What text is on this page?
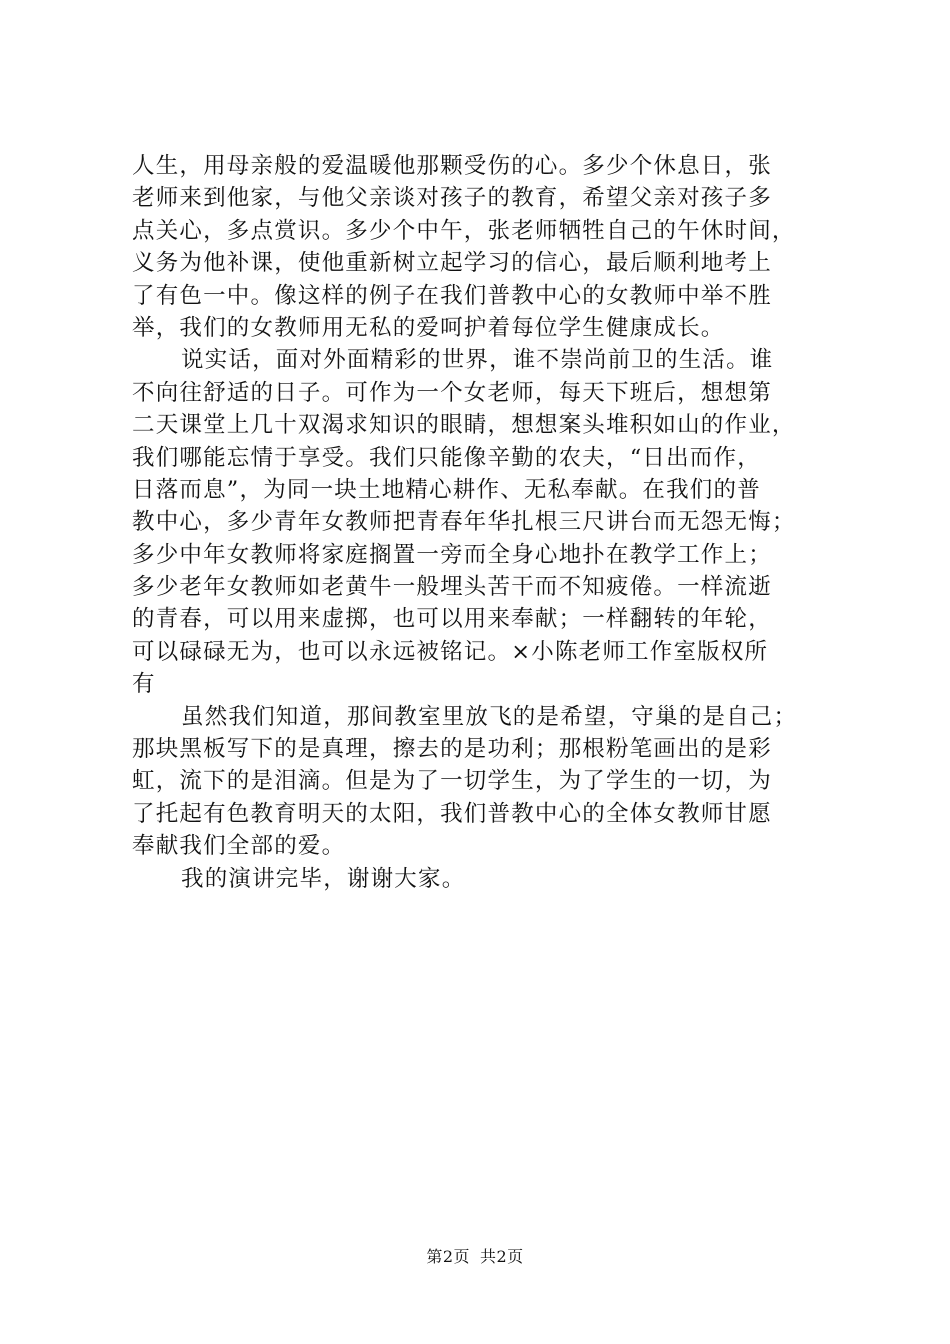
人生，用母亲般的爱温暖他那颗受伤的心。多少个休息日，张
老师来到他家，与他父亲谈对孩子的教育，希望父亲对孩子多
点关心，多点赏识。多少个中午，张老师牺牲自己的午休时间，
义务为他补课，使他重新树立起学习的信心，最后顺利地考上
了有色一中。像这样的例子在我们普教中心的女教师中举不胜
举，我们的女教师用无私的爱呵护着每位学生健康成长。
说实话，面对外面精彩的世界，谁不崇尚前卫的生活。谁
不向往舒适的日子。可作为一个女老师，每天下班后，想想第
二天课堂上几十双渴求知识的眼睛，想想案头堆积如山的作业，
我们哪能忘情于享受。我们只能像辛勤的农夫，“日出而作，
日落而息”，为同一块土地精心耕作、无私奉献。在我们的普
教中心，多少青年女教师把青春年华扎根三尺讲台而无怨无悔；
多少中年女教师将家庭搁置一旁而全身心地扑在教学工作上；
多少老年女教师如老黄牛一般埋头苦干而不知疲倦。一样流逝
的青春，可以用来虚掷，也可以用来奉献；一样翻转的年轮，
可以碌碌无为，也可以永远被铭记。×小陈老师工作室版权所
有
虽然我们知道，那间教室里放飞的是希望，守巢的是自己；
那块黑板写下的是真理，擦去的是功利；那根粉笔画出的是彩
虹，流下的是泪滴。但是为了一切学生，为了学生的一切，为
了托起有色教育明天的太阳，我们普教中心的全体女教师甘愿
奉献我们全部的爱。
我的演讲完毕，谢谢大家。
第2页 共2页
